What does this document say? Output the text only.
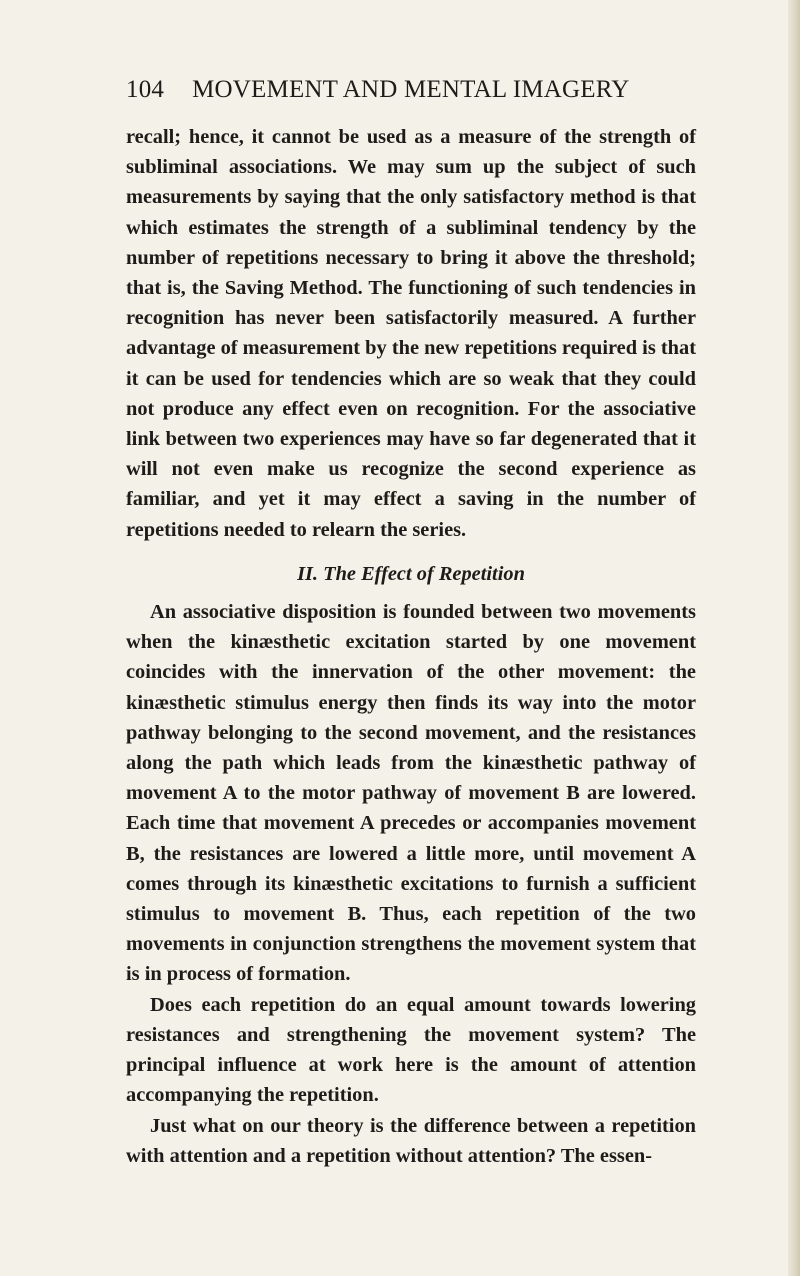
104 MOVEMENT AND MENTAL IMAGERY

recall; hence, it cannot be used as a measure of the strength of subliminal associations. We may sum up the subject of such measurements by saying that the only satisfactory method is that which estimates the strength of a subliminal tendency by the number of repetitions necessary to bring it above the threshold; that is, the Saving Method. The functioning of such tendencies in recognition has never been satisfactorily measured. A further advantage of measurement by the new repetitions required is that it can be used for tendencies which are so weak that they could not produce any effect even on recognition. For the associative link between two experiences may have so far degenerated that it will not even make us recognize the second experience as familiar, and yet it may effect a saving in the number of repetitions needed to relearn the series.

II. The Effect of Repetition

An associative disposition is founded between two movements when the kinæsthetic excitation started by one movement coincides with the innervation of the other movement: the kinæsthetic stimulus energy then finds its way into the motor pathway belonging to the second movement, and the resistances along the path which leads from the kinæsthetic pathway of movement A to the motor pathway of movement B are lowered. Each time that movement A precedes or accompanies movement B, the resistances are lowered a little more, until movement A comes through its kinæsthetic excitations to furnish a sufficient stimulus to movement B. Thus, each repetition of the two movements in conjunction strengthens the movement system that is in process of formation.

Does each repetition do an equal amount towards lowering resistances and strengthening the movement system? The principal influence at work here is the amount of attention accompanying the repetition.

Just what on our theory is the difference between a repetition with attention and a repetition without attention? The essen-
